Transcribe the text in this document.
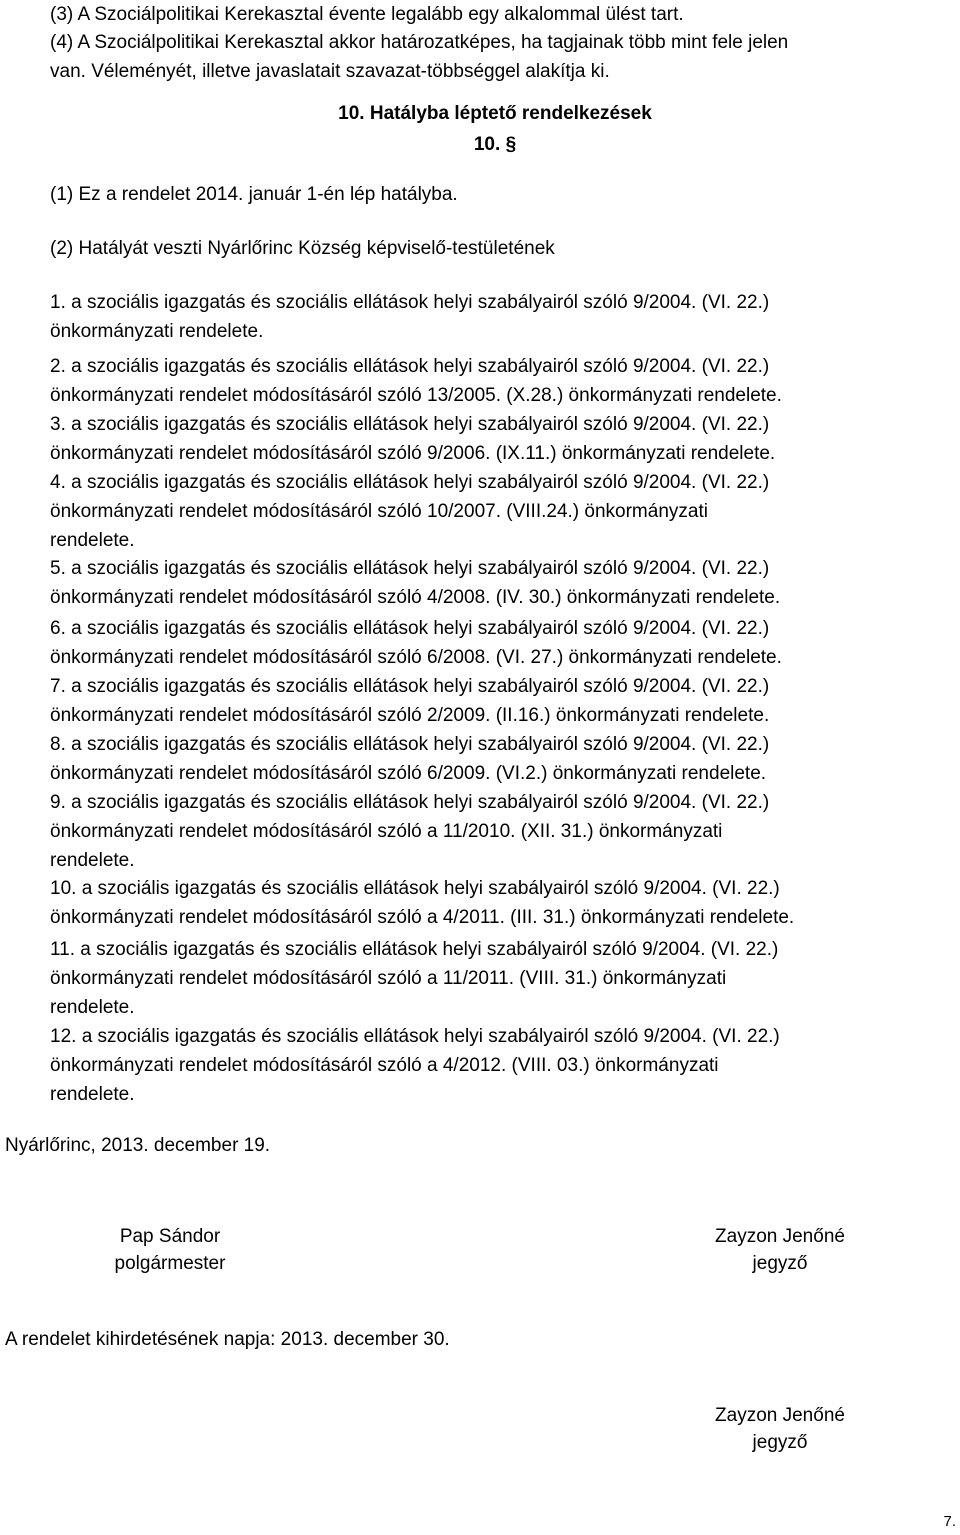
(3) A Szociálpolitikai Kerekasztal évente legalább egy alkalommal ülést tart.
(4) A Szociálpolitikai Kerekasztal akkor határozatképes, ha tagjainak több mint fele jelen
van. Véleményét, illetve javaslatait szavazat-többséggel alakítja ki.
10. Hatályba léptető rendelkezések
10. §
(1) Ez a rendelet 2014. január 1-én lép hatályba.
(2) Hatályát veszti Nyárlőrinc Község képviselő-testületének
1. a szociális igazgatás és szociális ellátások helyi szabályairól szóló 9/2004. (VI. 22.)
önkormányzati rendelete.
2. a szociális igazgatás és szociális ellátások helyi szabályairól szóló 9/2004. (VI. 22.)
önkormányzati rendelet módosításáról szóló 13/2005. (X.28.) önkormányzati rendelete.
3. a szociális igazgatás és szociális ellátások helyi szabályairól szóló 9/2004. (VI. 22.)
önkormányzati rendelet módosításáról szóló 9/2006. (IX.11.) önkormányzati rendelete.
4. a szociális igazgatás és szociális ellátások helyi szabályairól szóló 9/2004. (VI. 22.)
önkormányzati rendelet módosításáról szóló 10/2007. (VIII.24.) önkormányzati
rendelete.
5. a szociális igazgatás és szociális ellátások helyi szabályairól szóló 9/2004. (VI. 22.)
önkormányzati rendelet módosításáról szóló 4/2008. (IV. 30.) önkormányzati rendelete.
6. a szociális igazgatás és szociális ellátások helyi szabályairól szóló 9/2004. (VI. 22.)
önkormányzati rendelet módosításáról szóló 6/2008. (VI. 27.) önkormányzati rendelete.
7. a szociális igazgatás és szociális ellátások helyi szabályairól szóló 9/2004. (VI. 22.)
önkormányzati rendelet módosításáról szóló 2/2009. (II.16.) önkormányzati rendelete.
8. a szociális igazgatás és szociális ellátások helyi szabályairól szóló 9/2004. (VI. 22.)
önkormányzati rendelet módosításáról szóló 6/2009. (VI.2.) önkormányzati rendelete.
9. a szociális igazgatás és szociális ellátások helyi szabályairól szóló 9/2004. (VI. 22.)
önkormányzati rendelet módosításáról szóló a 11/2010. (XII. 31.) önkormányzati
rendelete.
10. a szociális igazgatás és szociális ellátások helyi szabályairól szóló 9/2004. (VI. 22.)
önkormányzati rendelet módosításáról szóló a 4/2011. (III. 31.) önkormányzati rendelete.
11. a szociális igazgatás és szociális ellátások helyi szabályairól szóló 9/2004. (VI. 22.)
önkormányzati rendelet módosításáról szóló a 11/2011. (VIII. 31.) önkormányzati
rendelete.
12. a szociális igazgatás és szociális ellátások helyi szabályairól szóló 9/2004. (VI. 22.)
önkormányzati rendelet módosításáról szóló a 4/2012. (VIII. 03.) önkormányzati
rendelete.
Nyárlőrinc, 2013. december 19.
Pap Sándor
polgármester
Zayzon Jenőné
jegyző
A rendelet kihirdetésének napja: 2013. december 30.
Zayzon Jenőné
jegyző
7.
